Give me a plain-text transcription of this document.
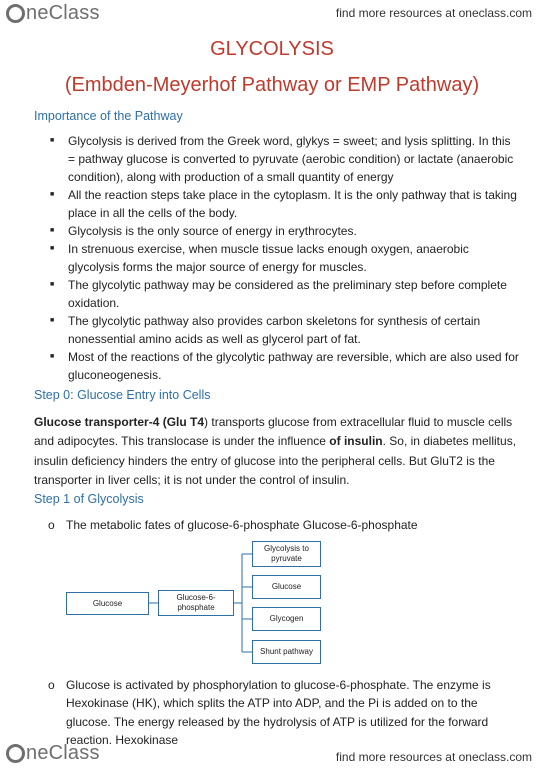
neClass	find more resources at oneclass.com
GLYCOLYSIS
(Embden-Meyerhof Pathway or EMP Pathway)
Importance of the Pathway
■ Glycolysis is derived from the Greek word, glykys = sweet; and lysis splitting. In this = pathway glucose is converted to pyruvate (aerobic condition) or lactate (anaerobic condition), along with production of a small quantity of energy
■ All the reaction steps take place in the cytoplasm. It is the only pathway that is taking place in all the cells of the body.
■ Glycolysis is the only source of energy in erythrocytes.
■ In strenuous exercise, when muscle tissue lacks enough oxygen, anaerobic glycolysis forms the major source of energy for muscles.
■ The glycolytic pathway may be considered as the preliminary step before complete oxidation.
■ The glycolytic pathway also provides carbon skeletons for synthesis of certain nonessential amino acids as well as glycerol part of fat.
■ Most of the reactions of the glycolytic pathway are reversible, which are also used for gluconeogenesis.
Step 0: Glucose Entry into Cells
Glucose transporter-4 (Glu T4) transports glucose from extracellular fluid to muscle cells and adipocytes. This translocase is under the influence of insulin. So, in diabetes mellitus, insulin deficiency hinders the entry of glucose into the peripheral cells. But GluT2 is the transporter in liver cells; it is not under the control of insulin.
Step 1 of Glycolysis
o The metabolic fates of glucose-6-phosphate Glucose-6-phosphate
Glucose
Glucose-6-phosphate
Glycolysis to pyruvate
Glucose
Glycogen
Shunt pathway
o Glucose is activated by phosphorylation to glucose-6-phosphate. The enzyme is Hexokinase (HK), which splits the ATP into ADP, and the Pi is added on to the glucose. The energy released by the hydrolysis of ATP is utilized for the forward reaction. Hexokinase
neClass	find more resources at oneclass.com
